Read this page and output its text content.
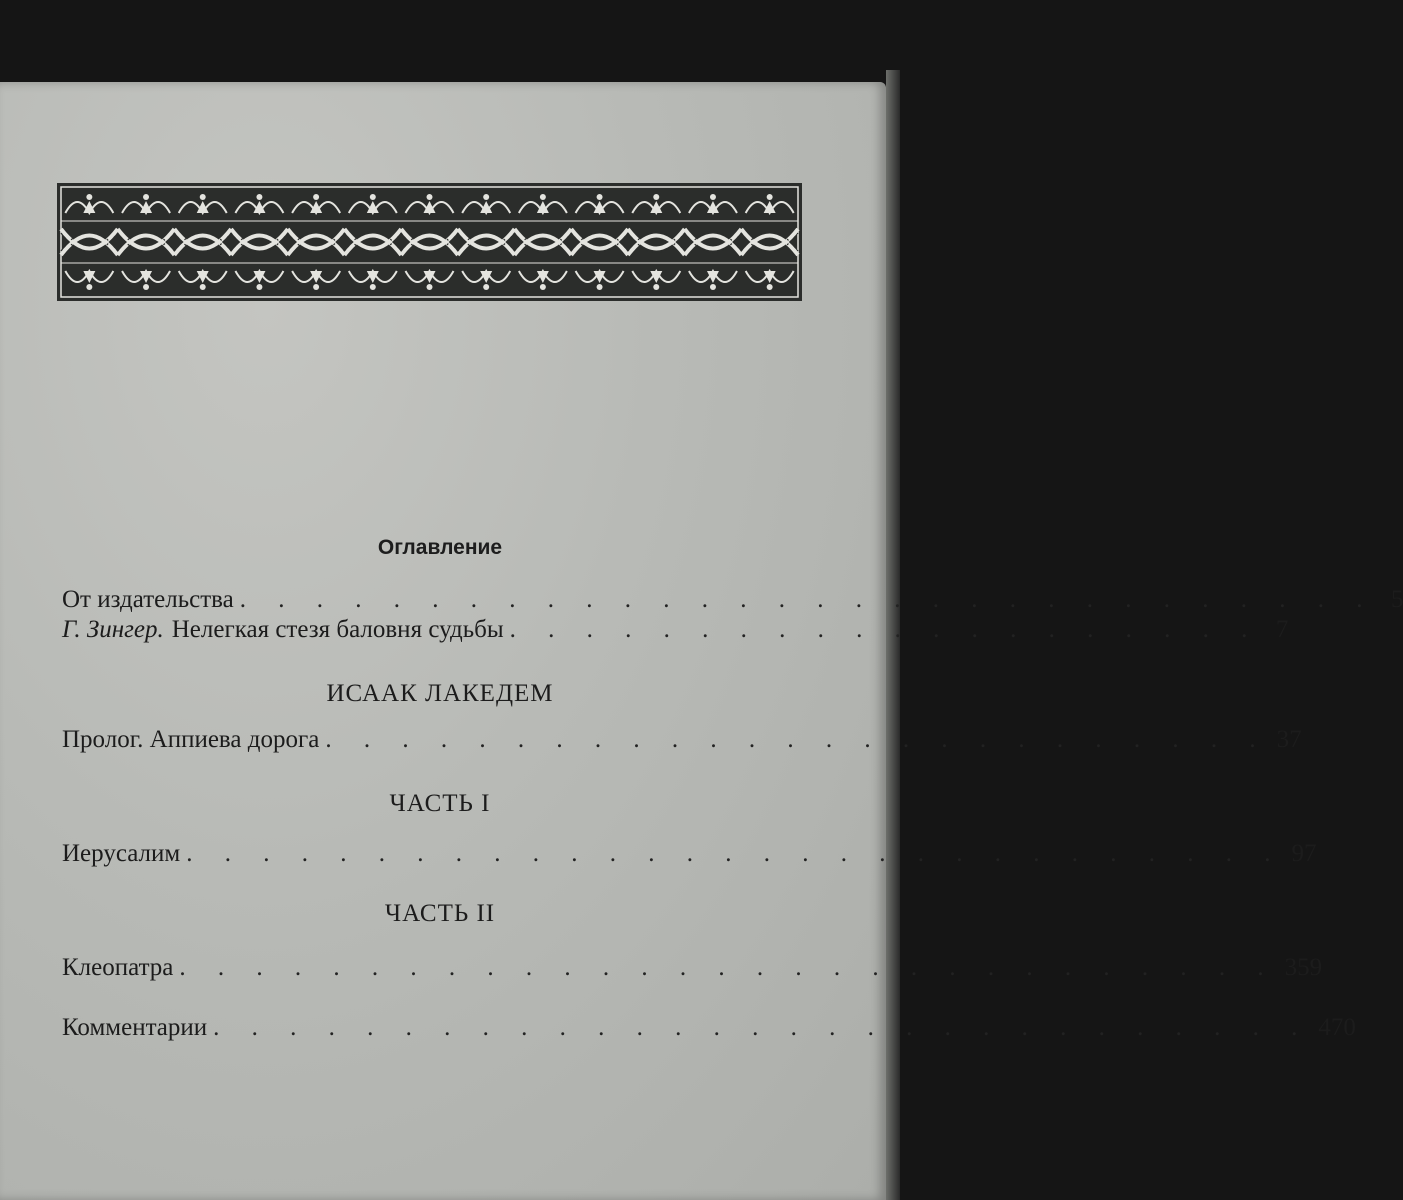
Оглавление
От издательства . . . . . . . . . . . . . . . . . . . . . . . . . . . . . . 5
Г. Зингер. Нелегкая стезя баловня судьбы . . . . . . . . . . . . . . . . . . . . 7
ИСААК ЛАКЕДЕМ
Пролог. Аппиева дорога . . . . . . . . . . . . . . . . . . . . . . . . . 37
ЧАСТЬ I
Иерусалим . . . . . . . . . . . . . . . . . . . . . . . . . . . . . 97
ЧАСТЬ II
Клеопатра . . . . . . . . . . . . . . . . . . . . . . . . . . . . . 359
Комментарии . . . . . . . . . . . . . . . . . . . . . . . . . . . . . 470
